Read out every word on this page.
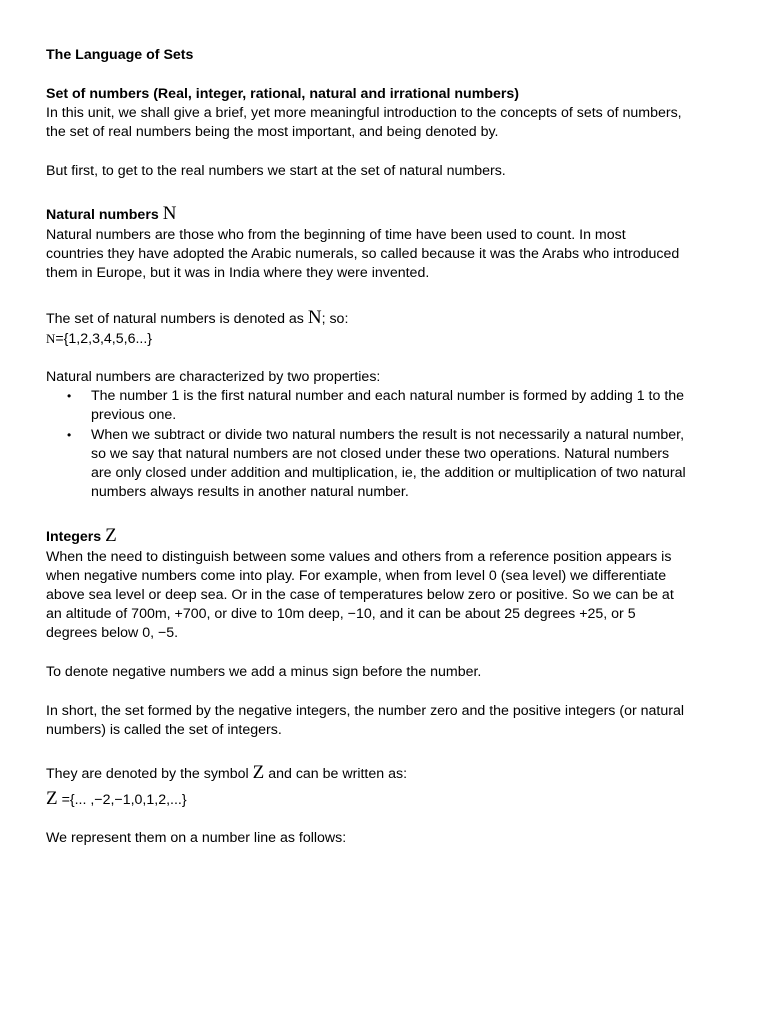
The Language of Sets
Set of numbers (Real, integer, rational, natural and irrational numbers)
In this unit, we shall give a brief, yet more meaningful introduction to the concepts of sets of numbers,
the set of real numbers being the most important, and being denoted by.
But first, to get to the real numbers we start at the set of natural numbers.
Natural numbers N
Natural numbers are those who from the beginning of time have been used to count. In most
countries they have adopted the Arabic numerals, so called because it was the Arabs who introduced
them in Europe, but it was in India where they were invented.
The set of natural numbers is denoted as N; so:
N={1,2,3,4,5,6...}
Natural numbers are characterized by two properties:
• The number 1 is the first natural number and each natural number is formed by adding 1 to the
previous one.
• When we subtract or divide two natural numbers the result is not necessarily a natural number,
so we say that natural numbers are not closed under these two operations. Natural numbers
are only closed under addition and multiplication, ie, the addition or multiplication of two natural
numbers always results in another natural number.
Integers Z
When the need to distinguish between some values and others from a reference position appears is
when negative numbers come into play. For example, when from level 0 (sea level) we differentiate
above sea level or deep sea. Or in the case of temperatures below zero or positive. So we can be at
an altitude of 700m, +700, or dive to 10m deep, −10, and it can be about 25 degrees +25, or 5
degrees below 0, −5.
To denote negative numbers we add a minus sign before the number.
In short, the set formed by the negative integers, the number zero and the positive integers (or natural
numbers) is called the set of integers.
They are denoted by the symbol Z and can be written as:
Z ={... ,−2,−1,0,1,2,...}
We represent them on a number line as follows:
